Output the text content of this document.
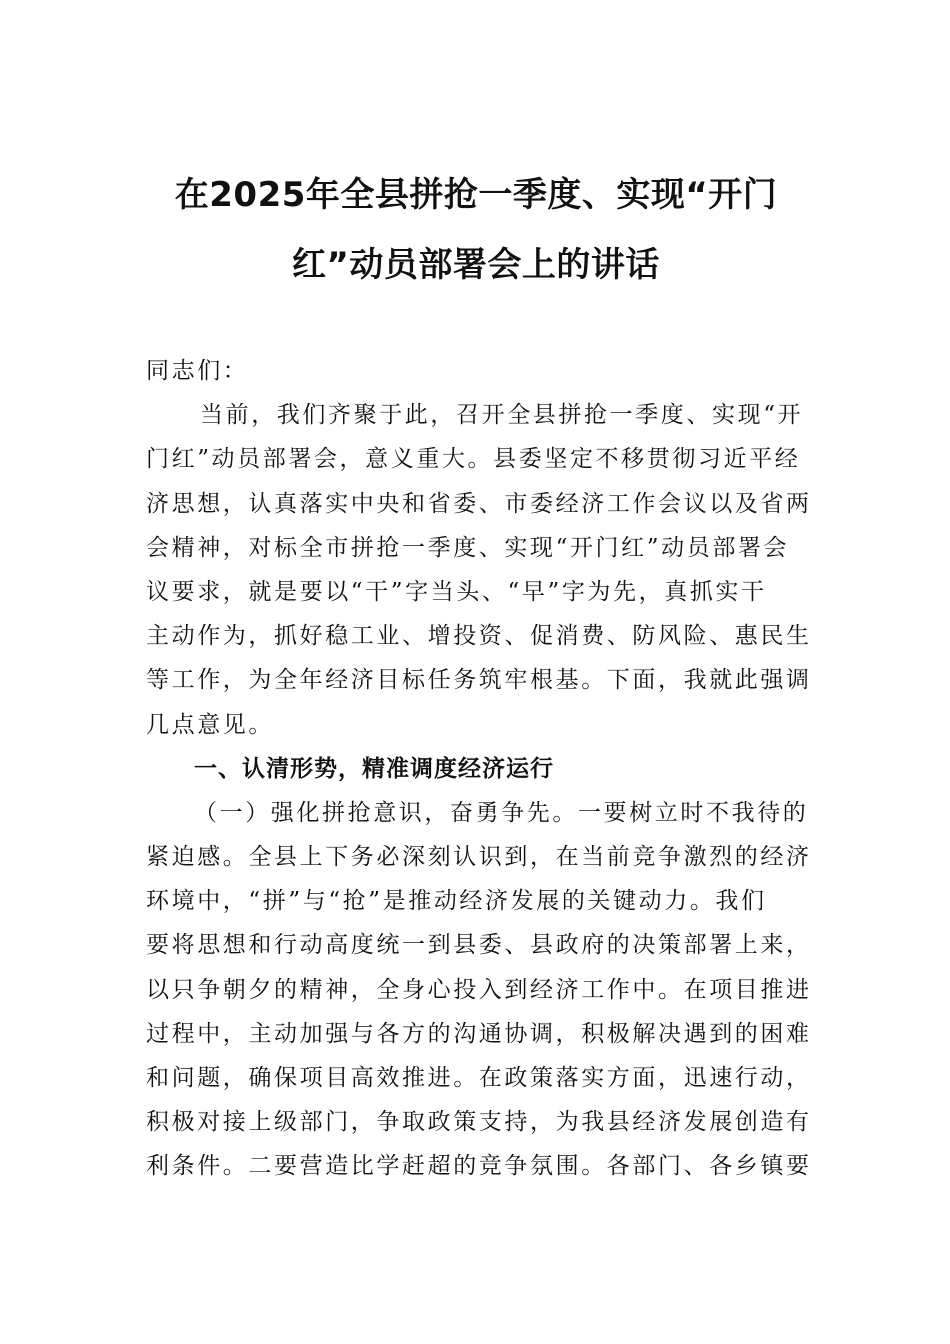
在2025年全县拼抢一季度、实现“开门
红”动员部署会上的讲话
同志们：
当前，我们齐聚于此，召开全县拼抢一季度、实现“开
门红”动员部署会，意义重大。县委坚定不移贯彻习近平经
济思想，认真落实中央和省委、市委经济工作会议以及省两
会精神，对标全市拼抢一季度、实现“开门红”动员部署会
议要求，就是要以“干”字当头、“早”字为先，真抓实干
主动作为，抓好稳工业、增投资、促消费、防风险、惠民生
等工作，为全年经济目标任务筑牢根基。下面，我就此强调
几点意见。
一、认清形势，精准调度经济运行
（一）强化拼抢意识，奋勇争先。一要树立时不我待的
紧迫感。全县上下务必深刻认识到，在当前竞争激烈的经济
环境中，“拼”与“抢”是推动经济发展的关键动力。我们
要将思想和行动高度统一到县委、县政府的决策部署上来，
以只争朝夕的精神，全身心投入到经济工作中。在项目推进
过程中，主动加强与各方的沟通协调，积极解决遇到的困难
和问题，确保项目高效推进。在政策落实方面，迅速行动，
积极对接上级部门，争取政策支持，为我县经济发展创造有
利条件。二要营造比学赶超的竞争氛围。各部门、各乡镇要
